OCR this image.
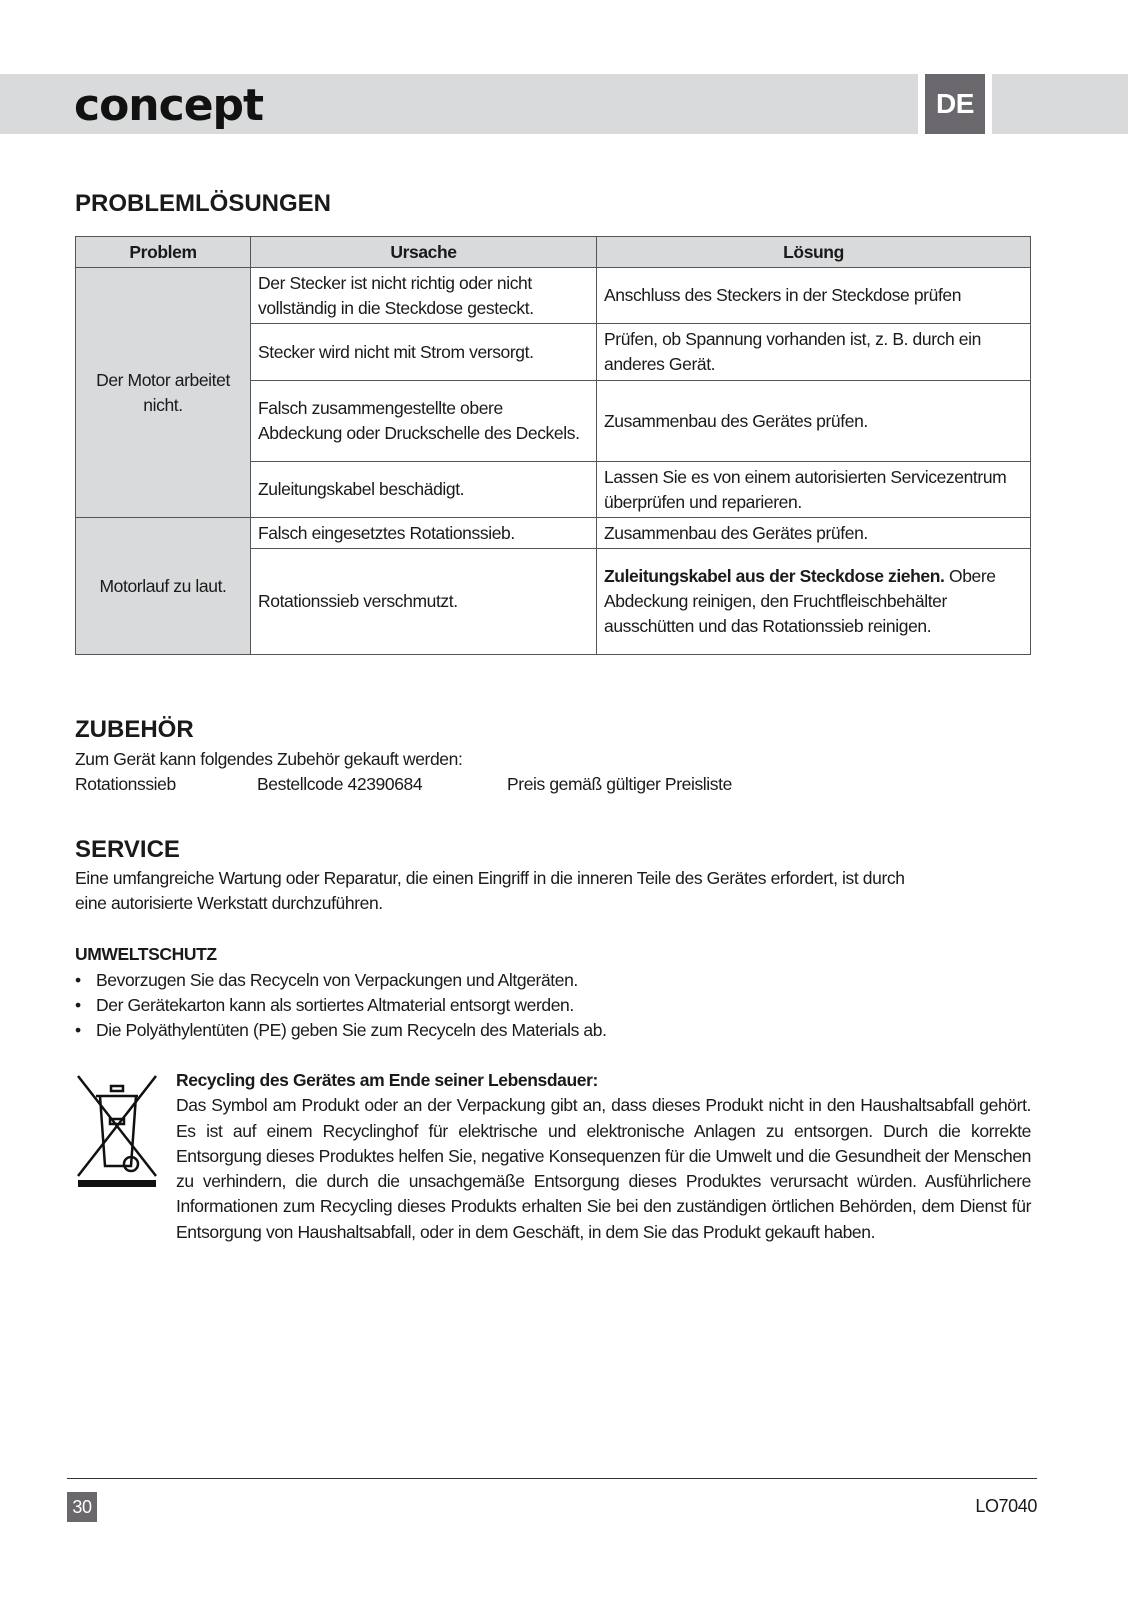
concept	DE
PROBLEMLÖSUNGEN
Problem	Ursache	Lösung
Der Motor arbeitet nicht.	Der Stecker ist nicht richtig oder nicht vollständig in die Steckdose gesteckt.	Anschluss des Steckers in der Steckdose prüfen
	Stecker wird nicht mit Strom versorgt.	Prüfen, ob Spannung vorhanden ist, z. B. durch ein anderes Gerät.
	Falsch zusammengestellte obere Abdeckung oder Druckschelle des Deckels.	Zusammenbau des Gerätes prüfen.
	Zuleitungskabel beschädigt.	Lassen Sie es von einem autorisierten Servicezentrum überprüfen und reparieren.
Motorlauf zu laut.	Falsch eingesetztes Rotationssieb.	Zusammenbau des Gerätes prüfen.
	Rotationssieb verschmutzt.	Zuleitungskabel aus der Steckdose ziehen. Obere Abdeckung reinigen, den Fruchtfleischbehälter ausschütten und das Rotationssieb reinigen.
ZUBEHÖR
Zum Gerät kann folgendes Zubehör gekauft werden:
Rotationssieb	Bestellcode 42390684	Preis gemäß gültiger Preisliste
SERVICE
Eine umfangreiche Wartung oder Reparatur, die einen Eingriff in die inneren Teile des Gerätes erfordert, ist durch eine autorisierte Werkstatt durchzuführen.
UMWELTSCHUTZ
• Bevorzugen Sie das Recyceln von Verpackungen und Altgeräten.
• Der Gerätekarton kann als sortiertes Altmaterial entsorgt werden.
• Die Polyäthylentüten (PE) geben Sie zum Recyceln des Materials ab.
Recycling des Gerätes am Ende seiner Lebensdauer:
Das Symbol am Produkt oder an der Verpackung gibt an, dass dieses Produkt nicht in den Haushaltsabfall gehört. Es ist auf einem Recyclinghof für elektrische und elektronische Anlagen zu entsorgen. Durch die korrekte Entsorgung dieses Produktes helfen Sie, negative Konsequenzen für die Umwelt und die Gesundheit der Menschen zu verhindern, die durch die unsachgemäße Entsorgung dieses Produktes verursacht würden. Ausführlichere Informationen zum Recycling dieses Produkts erhalten Sie bei den zuständigen örtlichen Behörden, dem Dienst für Entsorgung von Haushaltsabfall, oder in dem Geschäft, in dem Sie das Produkt gekauft haben.
30	LO7040
